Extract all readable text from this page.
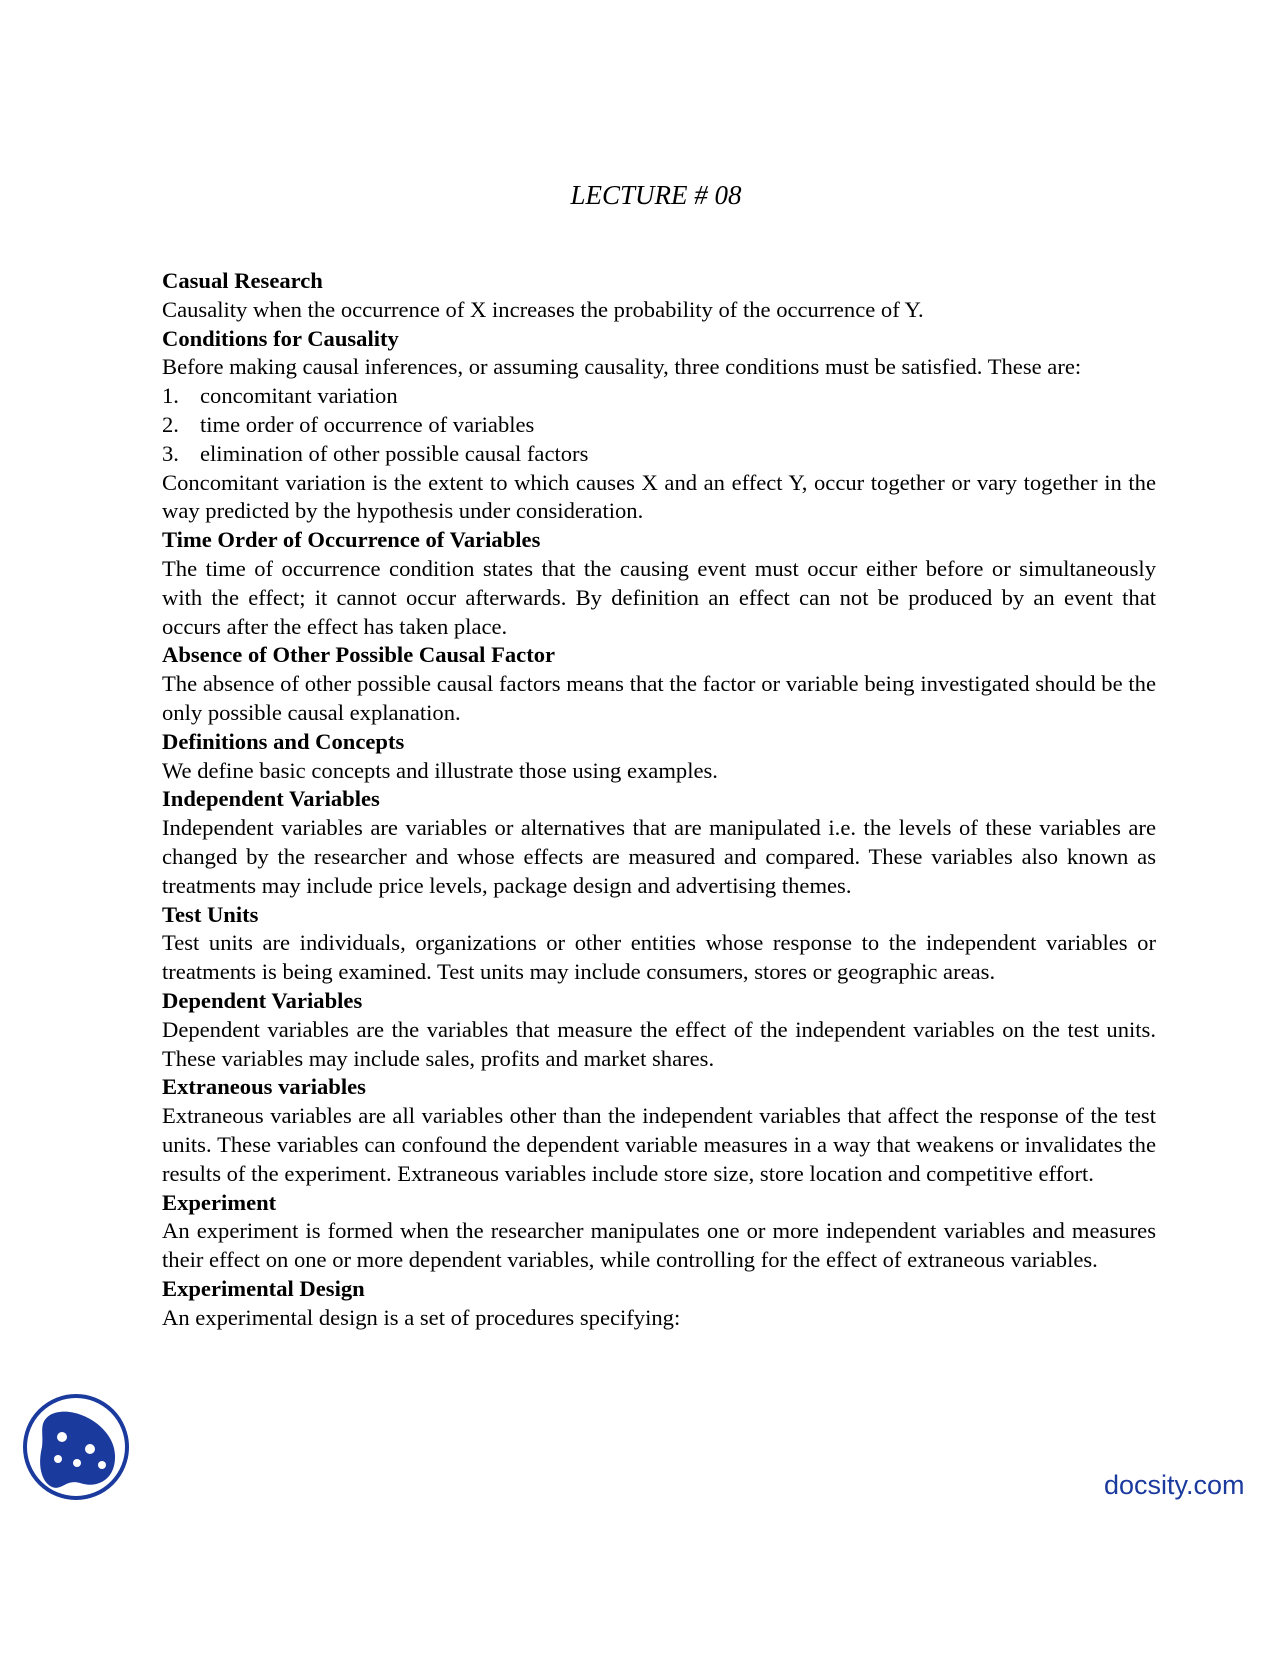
LECTURE # 08

Casual Research

Causality when the occurrence of X increases the probability of the occurrence of Y.

Conditions for Causality

Before making causal inferences, or assuming causality, three conditions must be satisfied. These are:

1. concomitant variation
2. time order of occurrence of variables
3. elimination of other possible causal factors

Concomitant variation is the extent to which causes X and an effect Y, occur together or vary together in the way predicted by the hypothesis under consideration.

Time Order of Occurrence of Variables

The time of occurrence condition states that the causing event must occur either before or simultaneously with the effect; it cannot occur afterwards. By definition an effect can not be produced by an event that occurs after the effect has taken place.

Absence of Other Possible Causal Factor

The absence of other possible causal factors means that the factor or variable being investigated should be the only possible causal explanation.

Definitions and Concepts

We define basic concepts and illustrate those using examples.

Independent Variables

Independent variables are variables or alternatives that are manipulated i.e. the levels of these variables are changed by the researcher and whose effects are measured and compared. These variables also known as treatments may include price levels, package design and advertising themes.

Test Units

Test units are individuals, organizations or other entities whose response to the independent variables or treatments is being examined. Test units may include consumers, stores or geographic areas.

Dependent Variables

Dependent variables are the variables that measure the effect of the independent variables on the test units. These variables may include sales, profits and market shares.

Extraneous variables

Extraneous variables are all variables other than the independent variables that affect the response of the test units. These variables can confound the dependent variable measures in a way that weakens or invalidates the results of the experiment. Extraneous variables include store size, store location and competitive effort.

Experiment

An experiment is formed when the researcher manipulates one or more independent variables and measures their effect on one or more dependent variables, while controlling for the effect of extraneous variables.

Experimental Design

An experimental design is a set of procedures specifying:

docsity.com
